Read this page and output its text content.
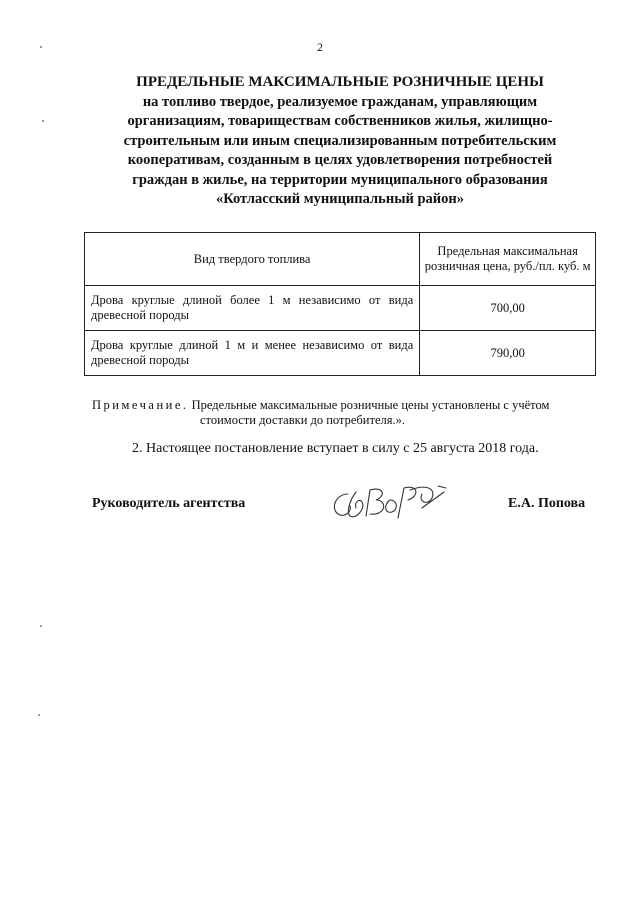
2
ПРЕДЕЛЬНЫЕ МАКСИМАЛЬНЫЕ РОЗНИЧНЫЕ ЦЕНЫ
на топливо твердое, реализуемое гражданам, управляющим
организациям, товариществам собственников жилья, жилищно-
строительным или иным специализированным потребительским
кооперативам, созданным в целях удовлетворения потребностей
граждан в жилье, на территории муниципального образования
«Котласский муниципальный район»
Вид твердого топлива	Предельная максимальная розничная цена, руб./пл. куб. м
Дрова круглые длиной более 1 м независимо от вида древесной породы	700,00
Дрова круглые длиной 1 м и менее независимо от вида древесной породы	790,00
Примечание. Предельные максимальные розничные цены установлены с учётом
стоимости доставки до потребителя.».
2. Настоящее постановление вступает в силу с 25 августа 2018 года.
Руководитель агентства	Е.А. Попова
